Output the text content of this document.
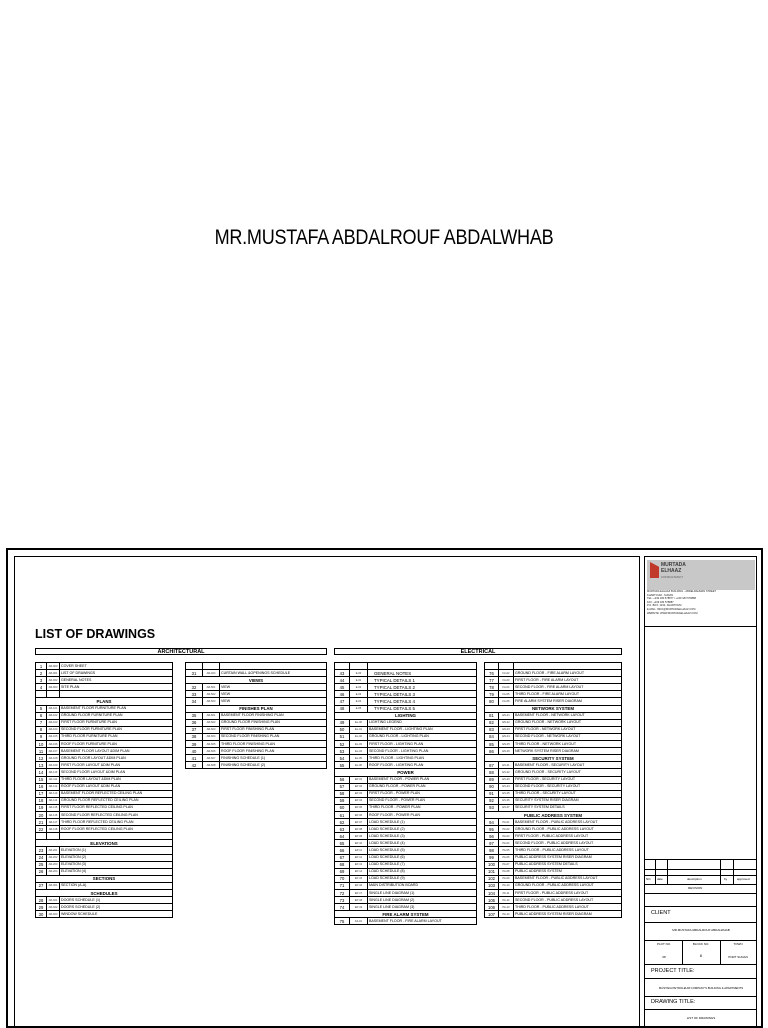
MR.MUSTAFA ABDALROUF ABDALWHAB
LIST OF DRAWINGS
ARCHITECTURAL	ELECTRICAL
1	AR-000	COVER SHEET
2	AR-001	LIST OF DRAWINGS
3	AR-002	GENERAL NOTES
4	AR-003	SITE PLAN

PLANS		
5	AR-101	BASEMENT FLOOR FURNITURE PLAN
6	AR-102	GROUND FLOOR FURNITURE PLAN
7	AR-103	FIRST FLOOR FURNITURE PLAN
8	AR-104	SECOND FLOOR FURNITURE PLAN
9	AR-105	THIRD FLOOR FURNITURE PLAN
10	AR-106	ROOF FLOOR FURNITURE PLAN
11	AR-107	BASEMENT FLOOR LAYOUT &DIM PLAN
12	AR-108	GROUND FLOOR LAYOUT &DIM PLAN
13	AR-109	FIRST FLOOR LAYOUT &DIM PLAN
14	AR-110	SECOND FLOOR LAYOUT &DIM PLAN
15	AR-111	THIRD FLOOR LAYOUT &DIM PLAN
16	AR-112	ROOF FLOOR LAYOUT &DIM PLAN
17	AR-113	BASEMENT FLOOR REFLECTED CEILING PLAN
18	AR-114	GROUND FLOOR REFLECTED CEILING PLAN
19	AR-115	FIRST FLOOR REFLECTED CEILING PLAN
20	AR-116	SECOND FLOOR REFLECTED CEILING PLAN
21	AR-117	THIRD FLOOR REFLECTED CEILING PLAN
22	AR-118	ROOF FLOOR REFLECTED CEILING PLAN

ELEVATIONS		
23	AR-201	ELEVATION (1)
24	AR-202	ELEVATION (2)
25	AR-203	ELEVATION (3)
26	AR-204	ELEVATION (4)
SECTIONS		
27	AR-301	SECTION (A-A)
SCHEDULES		
28	AR-401	DOORS SCHEDULE (1)
29	AR-402	DOORS SCHEDULE (2)
30	AR-403	WINDOW SCHEDULE

31	AR-404	CURTAIN WALL &OPENINGS SCHEDULE
VIEWS		
32	AR-501	VIEW
33	AR-502	VIEW
34	AR-503	VIEW
FINISHES PLAN		
35	AR-601	BASEMENT FLOOR FINISHING PLAN
36	AR-602	GROUND FLOOR FINISHING PLAN
37	AR-603	FIRST FLOOR FINISHING PLAN
38	AR-604	SECOND FLOOR FINISHING PLAN
39	AR-605	THIRD FLOOR FINISHING PLAN
40	AR-606	ROOF FLOOR FINISHING PLAN
41	AR-607	FINISHING SCHEDULE (1)
42	AR-608	FINISHING SCHEDULE (2)

43	E-00	GENERAL NOTES
44	E-01	TYPICAL DETAILS 1
45	E-02	TYPICAL DETAILS 2
46	E-03	TYPICAL DETAILS 3
47	E-04	TYPICAL DETAILS 4
48	E-05	TYPICAL DETAILS 5
LIGHTING		
49	EL-00	LIGHTING LEGEND
50	EL-01	BASEMENT FLOOR - LIGHTING PLAN
51	EL-02	GROUND FLOOR - LIGHTING PLAN
52	EL-03	FIRST FLOOR - LIGHTING PLAN
53	EL-04	SECOND FLOOR - LIGHTING PLAN
54	EL-05	THIRD FLOOR - LIGHTING PLAN
55	EL-06	ROOF FLOOR - LIGHTING PLAN
POWER		
56	EP-01	BASEMENT FLOOR - POWER PLAN
57	EP-02	GROUND FLOOR - POWER PLAN
58	EP-03	FIRST FLOOR - POWER PLAN
59	EP-04	SECOND FLOOR - POWER PLAN
60	EP-05	THIRD FLOOR - POWER PLAN
61	EP-06	ROOF FLOOR - POWER PLAN
62	EP-07	LOAD SCHEDULE (1)
63	EP-08	LOAD SCHEDULE (2)
64	EP-09	LOAD SCHEDULE (3)
65	EP-10	LOAD SCHEDULE (4)
66	EP-11	LOAD SCHEDULE (5)
67	EP-12	LOAD SCHEDULE (6)
68	EP-13	LOAD SCHEDULE (7)
69	EP-14	LOAD SCHEDULE (8)
70	EP-15	LOAD SCHEDULE (9)
71	EP-16	MAIN DISTRIBUTION BOARD
72	EP-17	SINGLE LINE DIAGRAM (1)
73	EP-18	SINGLE LINE DIAGRAM (2)
74	EP-19	SINGLE LINE DIAGRAM (3)
FIRE ALARM SYSTEM		
75	FA-01	BASEMENT FLOOR - FIRE ALARM LAYOUT

76	FA-02	GROUND FLOOR - FIRE ALARM LAYOUT
77	FA-03	FIRST FLOOR - FIRE ALARM LAYOUT
78	FA-04	SECOND FLOOR - FIRE ALARM LAYOUT
79	FA-05	THIRD FLOOR - FIRE ALARM LAYOUT
80	FA-06	FIRE ALARM SYSTEM RISER DIAGRAM
NETWORK SYSTEM		
81	EN-01	BASEMENT FLOOR - NETWORK LAYOUT
82	EN-02	GROUND FLOOR - NETWORK LAYOUT
83	EN-03	FIRST FLOOR - NETWORK LAYOUT
84	EN-04	SECOND FLOOR - NETWORK LAYOUT
85	EN-05	THIRD FLOOR - NETWORK LAYOUT
86	EN-06	NETWORK SYSTEM RISER DIAGRAM
SECURITY SYSTEM		
87	ES-01	BASEMENT FLOOR - SECURITY LAYOUT
88	ES-02	GROUND FLOOR - SECURITY LAYOUT
89	ES-03	FIRST FLOOR - SECURITY LAYOUT
90	ES-04	SECOND FLOOR - SECURITY LAYOUT
91	ES-05	THIRD FLOOR - SECURITY LAYOUT
92	ES-06	SECURITY SYSTEM RISER DIAGRAM
93	ES-07	SECURITY SYSTEM DETAILS
PUBLIC ADDRESS SYSTEM		
94	PA-01	BASEMENT FLOOR - PUBLIC ADDRESS LAYOUT
95	PA-02	GROUND FLOOR - PUBLIC ADDRESS LAYOUT
96	PA-03	FIRST FLOOR - PUBLIC ADDRESS LAYOUT
97	PA-04	SECOND FLOOR - PUBLIC ADDRESS LAYOUT
98	PA-05	THIRD FLOOR - PUBLIC ADDRESS LAYOUT
99	PA-06	PUBLIC ADDRESS SYSTEM RISER DIAGRAM
100	PA-07	PUBLIC ADDRESS SYSTEM DETAILS
101	PA-08	PUBLIC ADDRESS SYSTEM
102	PA-09	BASEMENT FLOOR - PUBLIC ADDRESS LAYOUT
103	PA-10	GROUND FLOOR - PUBLIC ADDRESS LAYOUT
104	PA-11	FIRST FLOOR - PUBLIC ADDRESS LAYOUT
105	PA-12	SECOND FLOOR - PUBLIC ADDRESS LAYOUT
106	PA-13	THIRD FLOOR - PUBLIC ADDRESS LAYOUT
107	PA-14	PUBLIC ADDRESS SYSTEM RISER DIAGRAM
MURTADA
ELHAAZ
CONSULTANCY
MURTADA ELHAAZ BUILDING - ABDELRAHMAN STREET
KHARTOUM - SUDAN
TEL: +249 183 578877 / +249 183 579888
FAX: +249 183 578887
P.O. BOX: 1234, KHARTOUM
E-MAIL: INFO@MURTADAELHAAZ.COM
WEBSITE: WWW.MURTADAELHAAZ.COM
NO. date	description	by	approved
REVISION
CLIENT
MR.MUSTAFA ABDALROUF ABDALWHAB
PLOT NO.	BLOCK NO.	TOWN
08	6	PORT SUDAN
PROJECT TITLE:
MUSTAFA PETROLEUM COMPANY'S BUILDING & APARTMENTS
DRAWING TITLE:
LIST OF DRAWINGS
